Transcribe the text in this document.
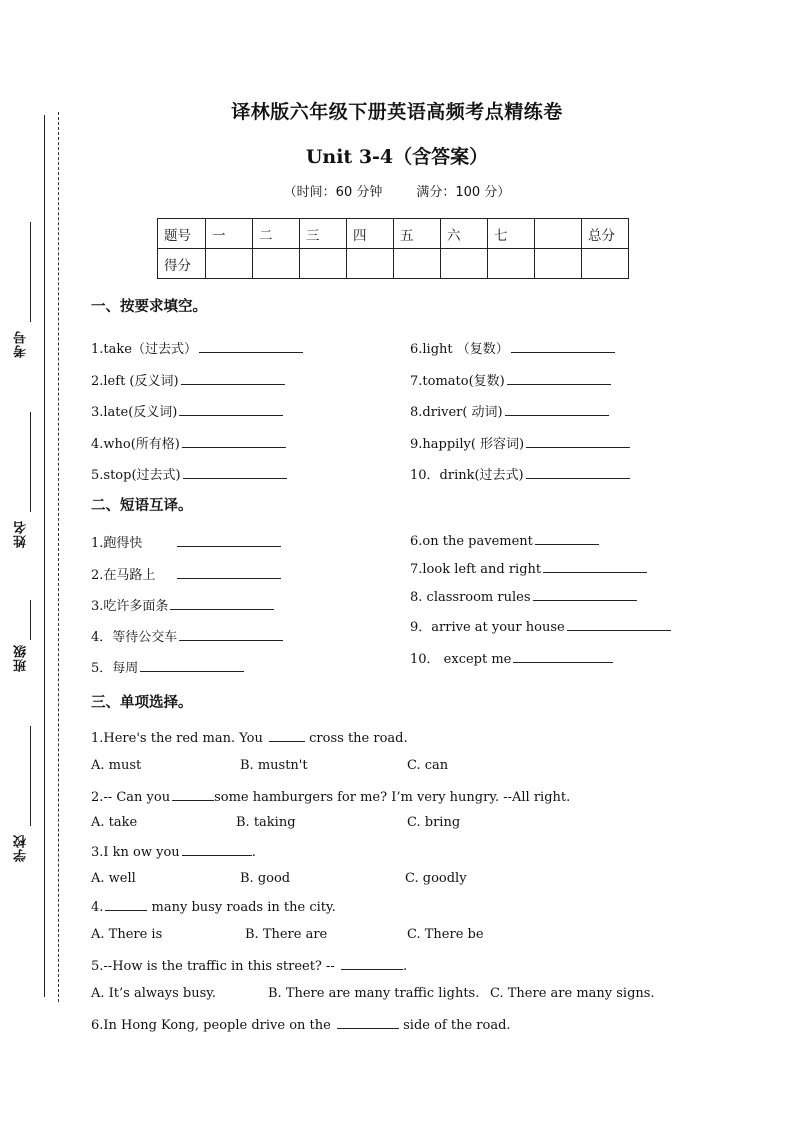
考号
姓名
班级
学校
译林版六年级下册英语高频考点精练卷
Unit 3-4（含答案）
（时间：60 分钟	满分：100 分）
题号	一	二	三	四	五	六	七		总分
得分									
一、按要求填空。
1.take（过去式）
2.left (反义词)
3.late(反义词)
4.who(所有格)
5.stop(过去式)
6.light （复数）
7.tomato(复数)
8.driver( 动词)
9.happily( 形容词)
10．drink(过去式)
二、短语互译。
1.跑得快
2.在马路上
3.吃许多面条
4．等待公交车
5．每周
6.on the pavement
7.look left and right
8. classroom rules
9．arrive at your house
10． except me
三、单项选择。
1.Here's the red man. You	cross the road.
A. must	B. mustn't	C. can
2.-- Can you	some hamburgers for me? I’m very hungry. --All right.
A. take	B. taking	C. bring
3.I kn ow you	.
A. well	B. good	C. goodly
4.	many busy roads in the city.
A. There is	B. There are	C. There be
5.--How is the traffic in this street? --	.
A. It’s always busy.	B. There are many traffic lights. C. There are many signs.
6.In Hong Kong, people drive on the	side of the road.
